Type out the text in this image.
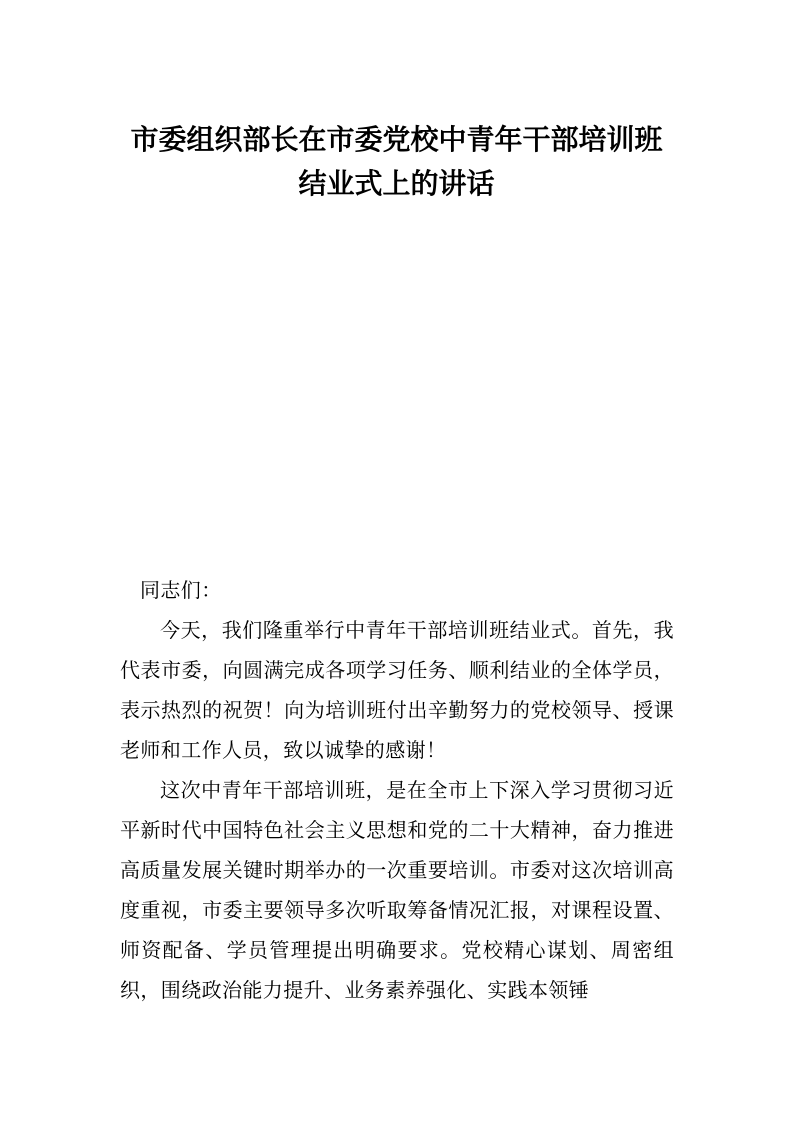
市委组织部长在市委党校中青年干部培训班结业式上的讲话

同志们：

今天，我们隆重举行中青年干部培训班结业式。首先，我代表市委，向圆满完成各项学习任务、顺利结业的全体学员，表示热烈的祝贺！向为培训班付出辛勤努力的党校领导、授课老师和工作人员，致以诚挚的感谢！

这次中青年干部培训班，是在全市上下深入学习贯彻习近平新时代中国特色社会主义思想和党的二十大精神，奋力推进高质量发展关键时期举办的一次重要培训。市委对这次培训高度重视，市委主要领导多次听取筹备情况汇报，对课程设置、师资配备、学员管理提出明确要求。党校精心谋划、周密组织，围绕政治能力提升、业务素养强化、实践本领锤
